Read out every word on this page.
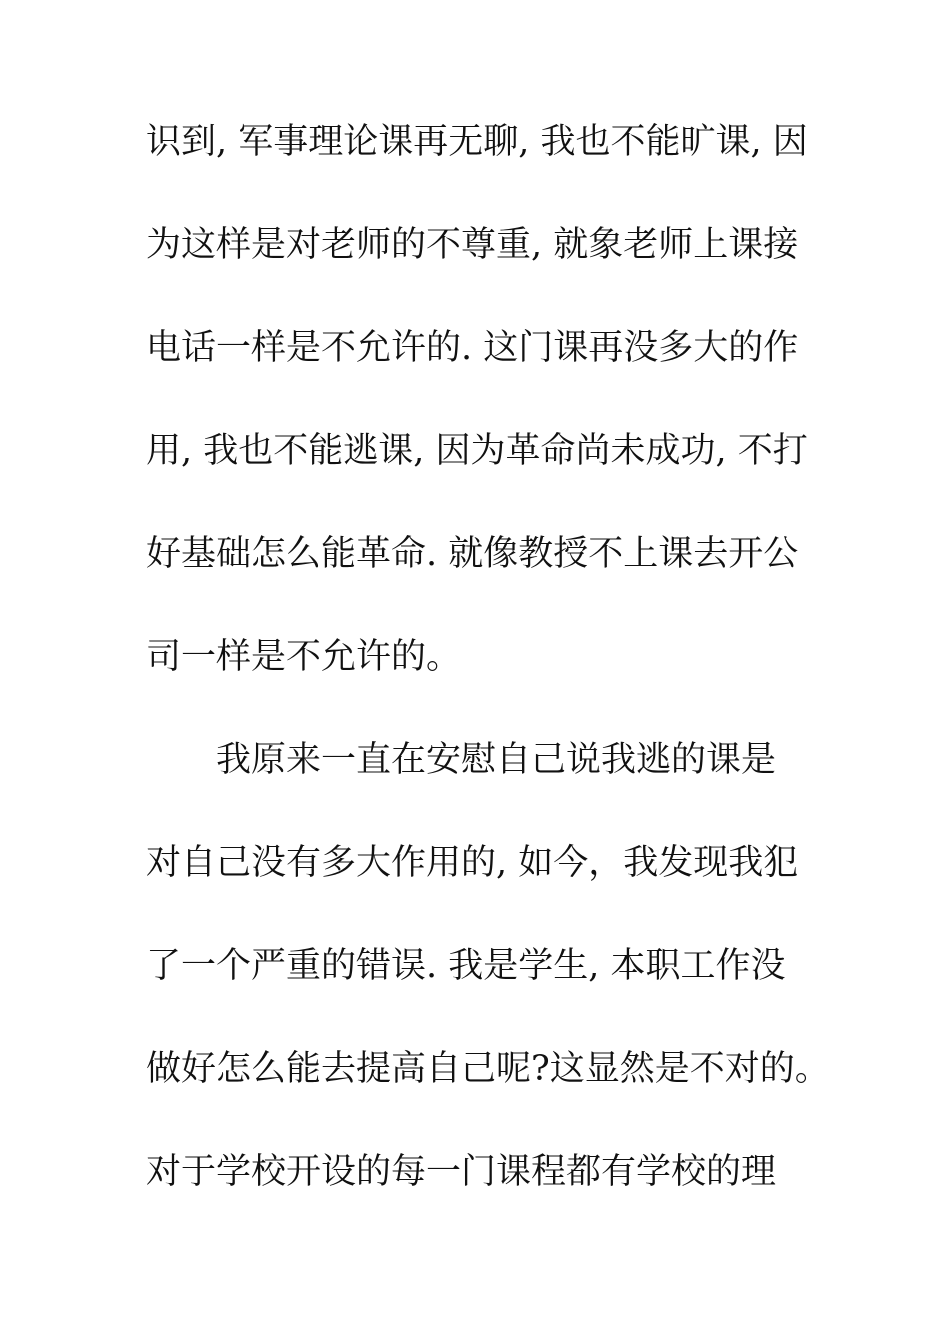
识到, 军事理论课再无聊, 我也不能旷课, 因
为这样是对老师的不尊重, 就象老师上课接
电话一样是不允许的. 这门课再没多大的作
用, 我也不能逃课, 因为革命尚未成功, 不打
好基础怎么能革命. 就像教授不上课去开公
司一样是不允许的。
我原来一直在安慰自己说我逃的课是
对自己没有多大作用的, 如今，我发现我犯
了一个严重的错误. 我是学生, 本职工作没
做好怎么能去提高自己呢?这显然是不对的。
对于学校开设的每一门课程都有学校的理
